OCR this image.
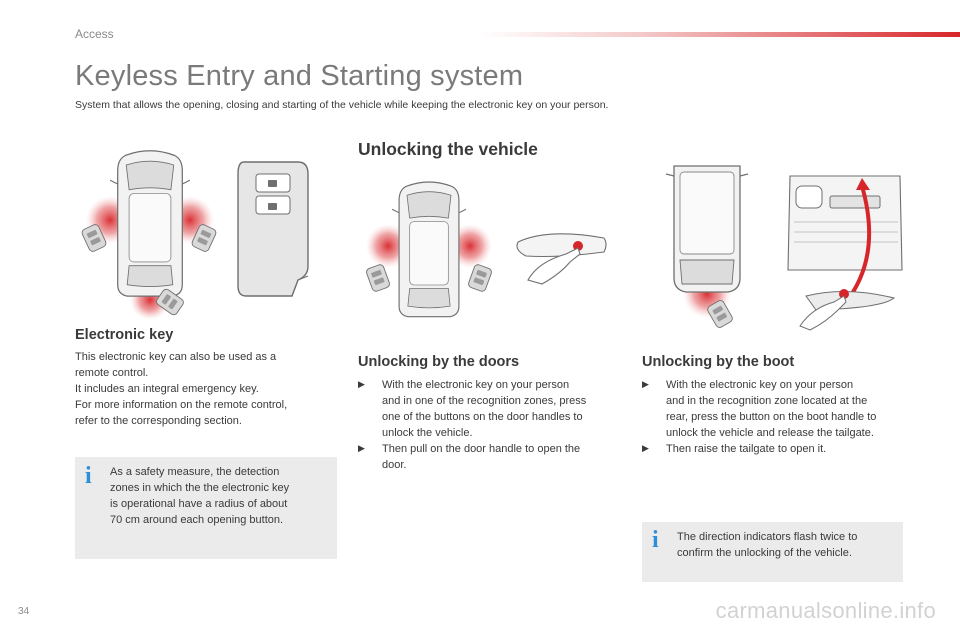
Access
Keyless Entry and Starting system
System that allows the opening, closing and starting of the vehicle while keeping the electronic key on your person.
Electronic key
This electronic key can also be used as a
remote control.
It includes an integral emergency key.
For more information on the remote control,
refer to the corresponding section.
i As a safety measure, the detection
zones in which the the electronic key
is operational have a radius of about
70 cm around each opening button.
Unlocking the vehicle
Unlocking by the doors
▶ With the electronic key on your person
and in one of the recognition zones, press
one of the buttons on the door handles to
unlock the vehicle.
▶ Then pull on the door handle to open the
door.
Unlocking by the boot
▶ With the electronic key on your person
and in the recognition zone located at the
rear, press the button on the boot handle to
unlock the vehicle and release the tailgate.
▶ Then raise the tailgate to open it.
i The direction indicators flash twice to
confirm the unlocking of the vehicle.
34	carmanualsonline.info
